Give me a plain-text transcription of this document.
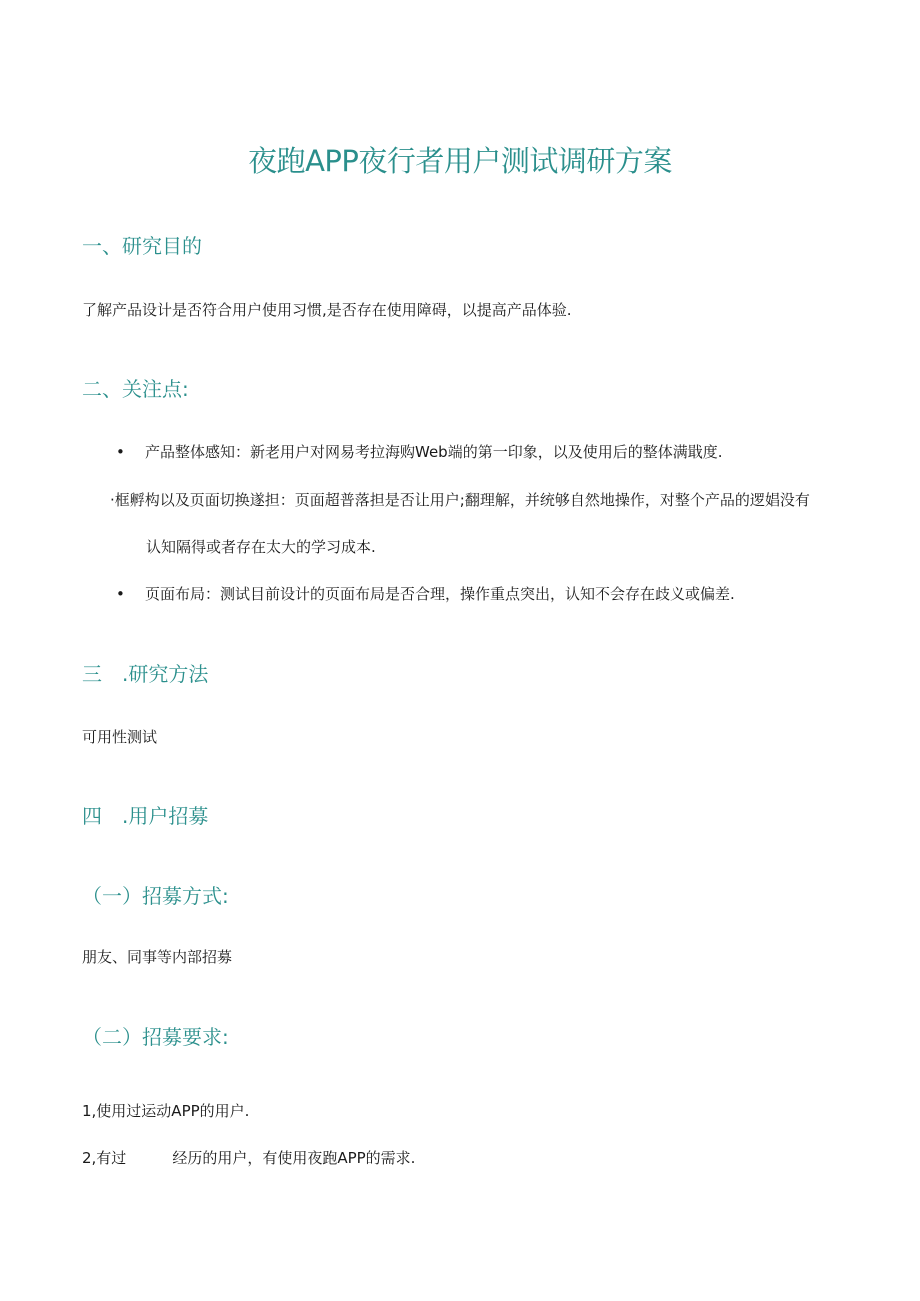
夜跑APP夜行者用户测试调研方案
一、研究目的
了解产品设计是否符合用户使用习惯,是否存在使用障碍，以提高产品体验.
二、关注点:
• 产品整体感知：新老用户对网易考拉海购Web端的第一印象，以及使用后的整体满戢度.
·框孵构以及页面切换遂担：页面超普落担是否让用户;翻理解，并统够自然地操作，对整个产品的逻娼没有
认知隔得或者存在太大的学习成本.
• 页面布局：测试目前设计的页面布局是否合理，操作重点突出，认知不会存在歧义或偏差.
三 .研究方法
可用性测试
四 .用户招募
（一）招募方式:
朋友、同事等内部招募
（二）招募要求:
1,使用过运动APP的用户.
2,有过	经历的用户，有使用夜跑APP的需求.
